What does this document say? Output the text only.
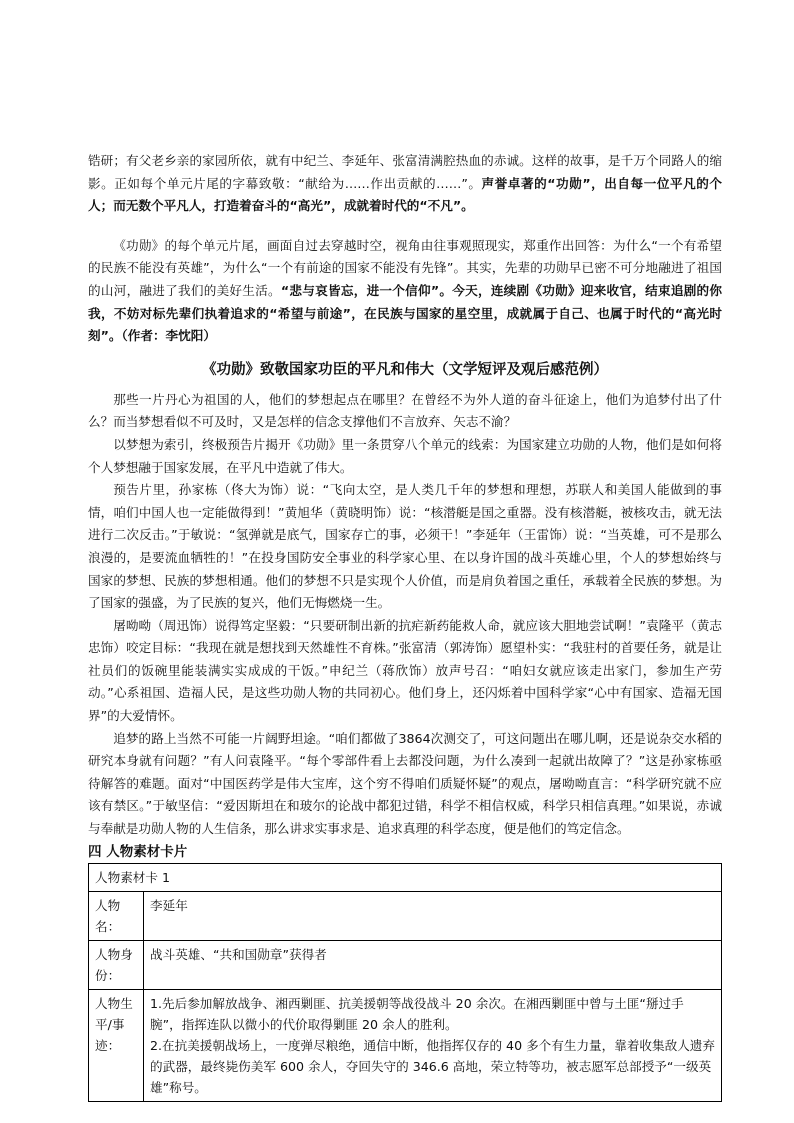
锆研；有父老乡亲的家园所依，就有中纪兰、李延年、张富清满腔热血的赤诚。这样的故事，是千万个同路人的缩影。正如每个单元片尾的字幕致敬：“献给为……作出贡献的……”。声誉卓著的“功勋”，出自每一位平凡的个人；而无数个平凡人，打造着奋斗的“高光”，成就着时代的“不凡”。

《功勋》的每个单元片尾，画面自过去穿越时空，视角由往事观照现实，郑重作出回答：为什么“一个有希望的民族不能没有英雄”，为什么“一个有前途的国家不能没有先锋”。其实，先辈的功勋早已密不可分地融进了祖国的山河，融进了我们的美好生活。“悲与哀皆忘，进一个信仰”。今天，连续剧《功勋》迎来收官，结束追剧的你我，不妨对标先辈们执着追求的“希望与前途”，在民族与国家的星空里，成就属于自己、也属于时代的“高光时刻”。（作者：李忱阳）

《功勋》致敬国家功臣的平凡和伟大（文学短评及观后感范例）

那些一片丹心为祖国的人，他们的梦想起点在哪里？在曾经不为外人道的奋斗征途上，他们为追梦付出了什么？而当梦想看似不可及时，又是怎样的信念支撑他们不言放弃、矢志不渝？

以梦想为索引，终极预告片揭开《功勋》里一条贯穿八个单元的线索：为国家建立功勋的人物，他们是如何将个人梦想融于国家发展，在平凡中造就了伟大。

预告片里，孙家栋（佟大为饰）说：“飞向太空，是人类几千年的梦想和理想，苏联人和美国人能做到的事情，咱们中国人也一定能做得到！”黄旭华（黄晓明饰）说：“核潜艇是国之重器。没有核潜艇，被核攻击，就无法进行二次反击。”于敏说：“氢弹就是底气，国家存亡的事，必须干！”李延年（王雷饰）说：“当英雄，可不是那么浪漫的，是要流血牺牲的！”在投身国防安全事业的科学家心里、在以身许国的战斗英雄心里，个人的梦想始终与国家的梦想、民族的梦想相通。他们的梦想不只是实现个人价值，而是肩负着国之重任，承载着全民族的梦想。为了国家的强盛，为了民族的复兴，他们无悔燃烧一生。

屠呦呦（周迅饰）说得笃定坚毅：“只要研制出新的抗疟新药能救人命，就应该大胆地尝试啊！”袁隆平（黄志忠饰）咬定目标：“我现在就是想找到天然雄性不育株。”张富清（郭涛饰）愿望朴实：“我驻村的首要任务，就是让社员们的饭碗里能装满实实成成的干饭。”申纪兰（蒋欣饰）放声号召：“咱妇女就应该走出家门，参加生产劳动。”心系祖国、造福人民，是这些功勋人物的共同初心。他们身上，还闪烁着中国科学家“心中有国家、造福无国界”的大爱情怀。

追梦的路上当然不可能一片阔野坦途。“咱们都做了3864次测交了，可这问题出在哪儿啊，还是说杂交水稻的研究本身就有问题？”有人问袁隆平。“每个零部件看上去都没问题，为什么凑到一起就出故障了？”这是孙家栋亟待解答的难题。面对“中国医药学是伟大宝库，这个穷不得咱们质疑怀疑”的观点，屠呦呦直言：“科学研究就不应该有禁区。”于敏坚信：“爱因斯坦在和玻尔的论战中都犯过错，科学不相信权威，科学只相信真理。”如果说，赤诚与奉献是功勋人物的人生信条，那么讲求实事求是、追求真理的科学态度，便是他们的笃定信念。

四 人物素材卡片
人物素材卡 1	
人物名：	李延年
人物身份：	战斗英雄、“共和国勋章”获得者
人物生平/事迹：	1.先后参加解放战争、湘西剿匪、抗美援朝等战役战斗 20 余次。在湘西剿匪中曾与土匪“掰过手腕”，指挥连队以微小的代价取得剿匪 20 余人的胜利。
2.在抗美援朝战场上，一度弹尽粮绝，通信中断，他指挥仅存的 40 多个有生力量，靠着收集敌人遗弃的武器，最终毙伤美军 600 余人，夺回失守的 346.6 高地，荣立特等功，被志愿军总部授予“一级英雄”称号。
